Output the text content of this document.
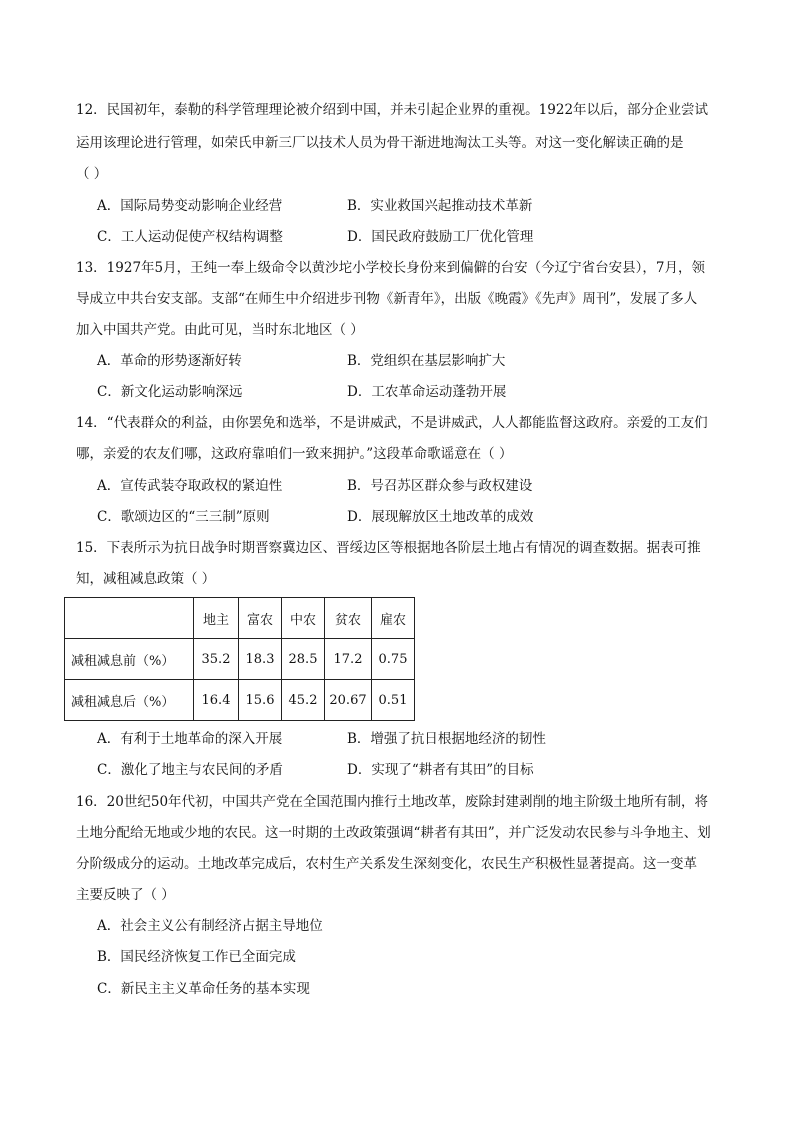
12．民国初年，泰勒的科学管理理论被介绍到中国，并未引起企业界的重视。1922年以后，部分企业尝试
运用该理论进行管理，如荣氏申新三厂以技术人员为骨干渐进地淘汰工头等。对这一变化解读正确的是
（ ）
A．国际局势变动影响企业经营	B．实业救国兴起推动技术革新
C．工人运动促使产权结构调整	D．国民政府鼓励工厂优化管理
13．1927年5月，王纯一奉上级命令以黄沙坨小学校长身份来到偏僻的台安（今辽宁省台安县），7月，领
导成立中共台安支部。支部“在师生中介绍进步刊物《新青年》，出版《晚霞》《先声》周刊”，发展了多人
加入中国共产党。由此可见，当时东北地区（ ）
A．革命的形势逐渐好转	B．党组织在基层影响扩大
C．新文化运动影响深远	D．工农革命运动蓬勃开展
14．“代表群众的利益，由你罢免和选举，不是讲威武，不是讲威武，人人都能监督这政府。亲爱的工友们
哪，亲爱的农友们哪，这政府靠咱们一致来拥护。”这段革命歌谣意在（ ）
A．宣传武装夺取政权的紧迫性	B．号召苏区群众参与政权建设
C．歌颂边区的“三三制”原则	D．展现解放区土地改革的成效
15．下表所示为抗日战争时期晋察冀边区、晋绥边区等根据地各阶层土地占有情况的调查数据。据表可推
知，减租减息政策（ ）
	地主	富农	中农	贫农	雇农
减租减息前（%）	35.2	18.3	28.5	17.2	0.75
减租减息后（%）	16.4	15.6	45.2	20.67	0.51
A．有利于土地革命的深入开展	B．增强了抗日根据地经济的韧性
C．激化了地主与农民间的矛盾	D．实现了“耕者有其田”的目标
16．20世纪50年代初，中国共产党在全国范围内推行土地改革，废除封建剥削的地主阶级土地所有制，将
土地分配给无地或少地的农民。这一时期的土改政策强调“耕者有其田”，并广泛发动农民参与斗争地主、划
分阶级成分的运动。土地改革完成后，农村生产关系发生深刻变化，农民生产积极性显著提高。这一变革
主要反映了（ ）
A．社会主义公有制经济占据主导地位
B．国民经济恢复工作已全面完成
C．新民主主义革命任务的基本实现
